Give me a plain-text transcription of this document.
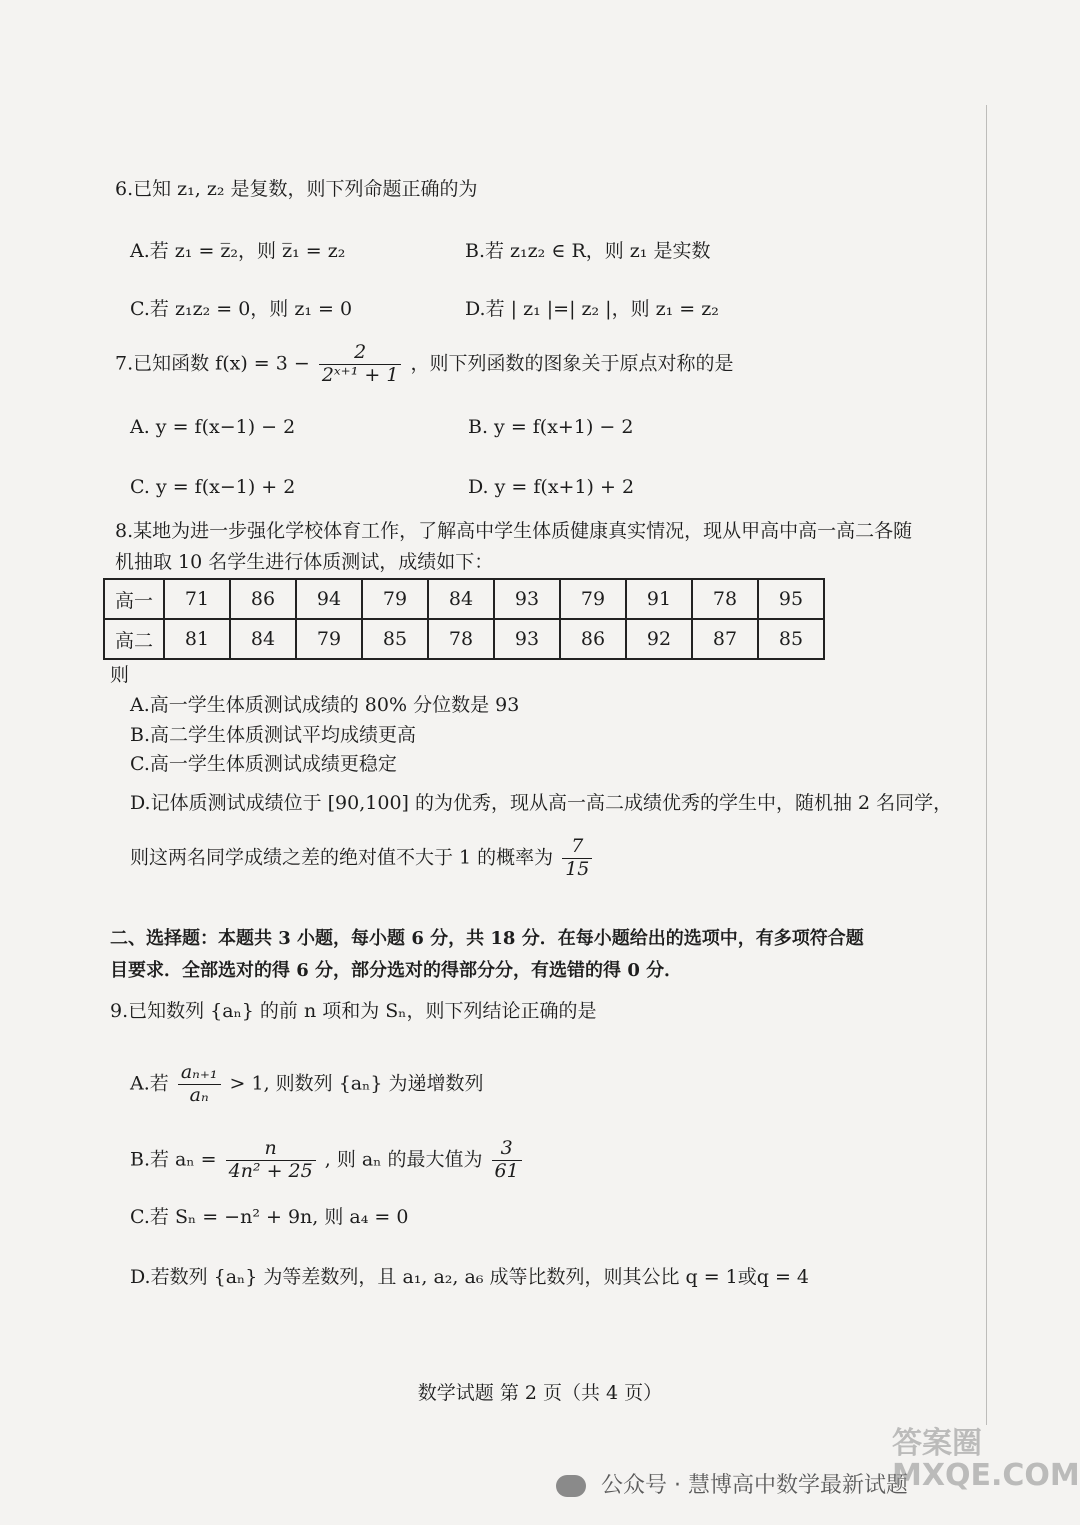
6.已知 z₁, z₂ 是复数，则下列命题正确的为
A.若 z₁ = z̅₂，则 z̅₁ = z₂	B.若 z₁z₂ ∈ R，则 z₁ 是实数
C.若 z₁z₂ = 0，则 z₁ = 0	D.若 | z₁ |=| z₂ |，则 z₁ = z₂
7.已知函数 $f(x) = 3 - \frac{2}{\text{2ˣ⁺¹ + 1}}$ ，则下列函数的图象关于原点对称的是
A. y = f(x−1) − 2	B. y = f(x+1) − 2
C. y = f(x−1) + 2	D. y = f(x+1) + 2
8.某地为进一步强化学校体育工作，了解高中学生体质健康真实情况，现从甲高中高一高二各随
机抽取 10 名学生进行体质测试，成绩如下：
高一	71	86	94	79	84	93	79	91	78	95
高二	81	84	79	85	78	93	86	92	87	85
则
A.高一学生体质测试成绩的 80% 分位数是 93
B.高二学生体质测试平均成绩更高
C.高一学生体质测试成绩更稳定
D.记体质测试成绩位于 [90,100] 的为优秀，现从高一高二成绩优秀的学生中，随机抽 2 名同学，
则这两名同学成绩之差的绝对值不大于 1 的概率为 $\frac{7}{15}$
二、选择题：本题共 3 小题，每小题 6 分，共 18 分．在每小题给出的选项中，有多项符合题
目要求．全部选对的得 6 分，部分选对的得部分分，有选错的得 0 分．
9.已知数列 {aₙ} 的前 n 项和为 Sₙ，则下列结论正确的是
A.若 $\frac{\text{aₙ₊₁}}{\text{aₙ}} > 1$, 则数列 {aₙ} 为递增数列
B.若 $a_n = \frac{n}{\text{4n² + 25}}$ , 则 aₙ 的最大值为 $\frac{3}{61}$
C.若 Sₙ = −n² + 9n, 则 a₄ = 0
D.若数列 {aₙ} 为等差数列，且 a₁, a₂, a₆ 成等比数列，则其公比 q = 1或q = 4
数学试题 第 2 页（共 4 页）
公众号 · 慧博高中数学最新试题
答案圈
MXQE.COM
